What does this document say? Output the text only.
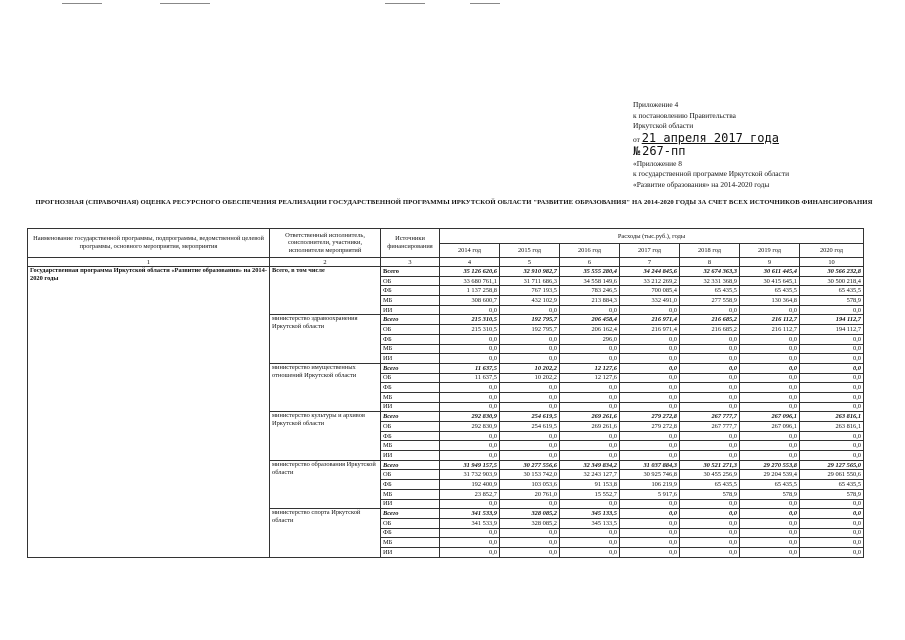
Приложение 4
к постановлению Правительства
Иркутской области
от 21 апреля 2017 года
№ 267-пп
«Приложение 8
к государственной программе Иркутской области
«Развитие образования» на 2014-2020 годы
ПРОГНОЗНАЯ (СПРАВОЧНАЯ) ОЦЕНКА РЕСУРСНОГО ОБЕСПЕЧЕНИЯ РЕАЛИЗАЦИИ ГОСУДАРСТВЕННОЙ ПРОГРАММЫ ИРКУТСКОЙ ОБЛАСТИ "РАЗВИТИЕ ОБРАЗОВАНИЯ" НА 2014-2020 ГОДЫ ЗА СЧЕТ ВСЕХ ИСТОЧНИКОВ ФИНАНСИРОВАНИЯ
Наименование государственной программы, подпрограммы, ведомственной целевой программы, основного мероприятия, мероприятия	Ответственный исполнитель, соисполнители, участники, исполнители мероприятий	Источники финансирования	Расходы (тыс.руб.), годы						
			2014 год	2015 год	2016 год	2017 год	2018 год	2019 год	2020 год
1	2	3	4	5	6	7	8	9	10
Государственная программа Иркутской области «Развитие образования» на 2014-2020 годы	Всего, в том числе	Всего	35 126 620,6	32 910 982,7	35 555 280,4	34 244 845,6	32 674 363,3	30 611 445,4	30 566 232,8
		ОБ	33 680 761,1	31 711 686,3	34 558 149,6	33 212 269,2	32 331 368,9	30 415 645,1	30 500 218,4
		ФБ	1 137 258,8	767 193,5	783 246,5	700 085,4	65 435,5	65 435,5	65 435,5
		МБ	308 600,7	432 102,9	213 884,3	332 491,0	277 558,9	130 364,8	578,9
		ИИ	0,0	0,0	0,0	0,0	0,0	0,0	0,0
	министерство здравоохранения Иркутской области	Всего	215 310,5	192 795,7	206 458,4	216 971,4	216 685,2	216 112,7	194 112,7
		ОБ	215 310,5	192 795,7	206 162,4	216 971,4	216 685,2	216 112,7	194 112,7
		ФБ	0,0	0,0	296,0	0,0	0,0	0,0	0,0
		МБ	0,0	0,0	0,0	0,0	0,0	0,0	0,0
		ИИ	0,0	0,0	0,0	0,0	0,0	0,0	0,0
	министерство имущественных отношений Иркутской области	Всего	11 637,5	10 202,2	12 127,6	0,0	0,0	0,0	0,0
		ОБ	11 637,5	10 202,2	12 127,6	0,0	0,0	0,0	0,0
		ФБ	0,0	0,0	0,0	0,0	0,0	0,0	0,0
		МБ	0,0	0,0	0,0	0,0	0,0	0,0	0,0
		ИИ	0,0	0,0	0,0	0,0	0,0	0,0	0,0
	министерство культуры и архивов Иркутской области	Всего	292 830,9	254 619,5	269 261,6	279 272,8	267 777,7	267 096,1	263 816,1
		ОБ	292 830,9	254 619,5	269 261,6	279 272,8	267 777,7	267 096,1	263 816,1
		ФБ	0,0	0,0	0,0	0,0	0,0	0,0	0,0
		МБ	0,0	0,0	0,0	0,0	0,0	0,0	0,0
		ИИ	0,0	0,0	0,0	0,0	0,0	0,0	0,0
	министерство образования Иркутской области	Всего	31 949 157,5	30 277 556,6	32 349 834,2	31 037 884,3	30 521 271,3	29 270 553,8	29 127 565,0
		ОБ	31 732 903,9	30 153 742,0	32 243 127,7	30 925 746,8	30 455 256,9	29 204 539,4	29 061 550,6
		ФБ	192 400,9	103 053,6	91 153,8	106 219,9	65 435,5	65 435,5	65 435,5
		МБ	23 852,7	20 761,0	15 552,7	5 917,6	578,9	578,9	578,9
		ИИ	0,0	0,0	0,0	0,0	0,0	0,0	0,0
	министерство спорта Иркутской области	Всего	341 533,9	328 085,2	345 133,5	0,0	0,0	0,0	0,0
		ОБ	341 533,9	328 085,2	345 133,5	0,0	0,0	0,0	0,0
		ФБ	0,0	0,0	0,0	0,0	0,0	0,0	0,0
		МБ	0,0	0,0	0,0	0,0	0,0	0,0	0,0
		ИИ	0,0	0,0	0,0	0,0	0,0	0,0	0,0
